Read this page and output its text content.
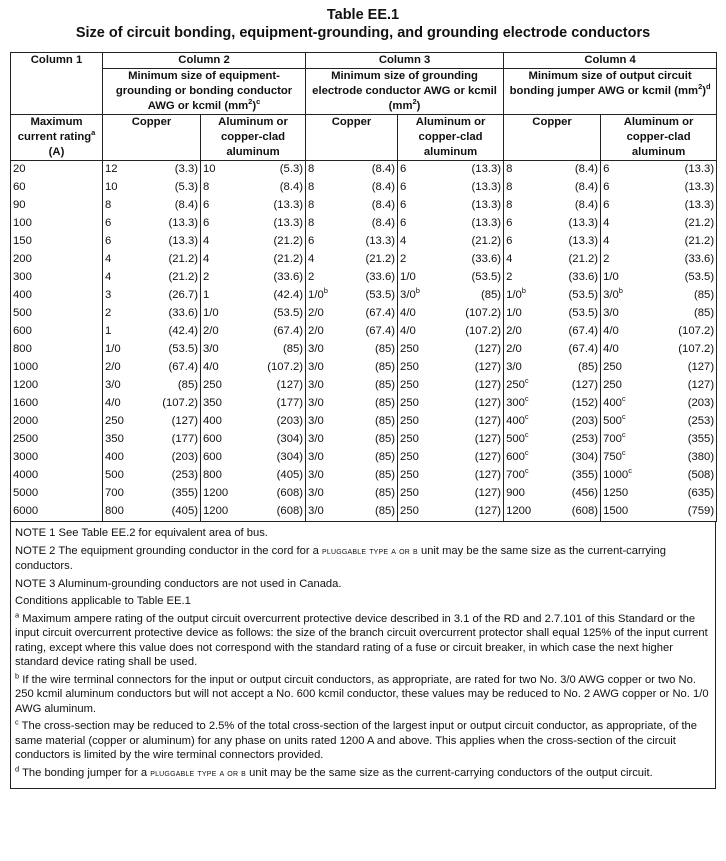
Table EE.1

Size of circuit bonding, equipment-grounding, and grounding electrode conductors

Column 1	Column 2				Column 3				Column 4			
	Minimum size of equipment-grounding or bonding conductor AWG or kcmil $(mm^2)^c$				Minimum size of grounding electrode conductor AWG or kcmil $(mm^2)$				Minimum size of output circuit bonding jumper AWG or kcmil $(mm^2)^d$
Maximum current rating$^a$ (A)	Copper		Aluminum or copper-clad aluminum		Copper		Aluminum or copper-clad aluminum		Copper		Aluminum or copper-clad aluminum	
20	12	(3.3)	10	(5.3)	8	(8.4)	6	(13.3)	8	(8.4)	6	(13.3)
60	10	(5.3)	8	(8.4)	8	(8.4)	6	(13.3)	8	(8.4)	6	(13.3)
90	8	(8.4)	6	(13.3)	8	(8.4)	6	(13.3)	8	(8.4)	6	(13.3)
100	6	(13.3)	6	(13.3)	8	(8.4)	6	(13.3)	6	(13.3)	4	(21.2)
150	6	(13.3)	4	(21.2)	6	(13.3)	4	(21.2)	6	(13.3)	4	(21.2)
200	4	(21.2)	4	(21.2)	4	(21.2)	2	(33.6)	4	(21.2)	2	(33.6)
300	4	(21.2)	2	(33.6)	2	(33.6)	1/0	(53.5)	2	(33.6)	1/0	(53.5)
400	3	(26.7)	1	(42.4)	1/0$^b$	(53.5)	3/0$^b$	(85)	1/0$^b$	(53.5)	3/0$^b$	(85)
500	2	(33.6)	1/0	(53.5)	2/0	(67.4)	4/0	(107.2)	1/0	(53.5)	3/0	(85)
600	1	(42.4)	2/0	(67.4)	2/0	(67.4)	4/0	(107.2)	2/0	(67.4)	4/0	(107.2)
800	1/0	(53.5)	3/0	(85)	3/0	(85)	250	(127)	2/0	(67.4)	4/0	(107.2)
1000	2/0	(67.4)	4/0	(107.2)	3/0	(85)	250	(127)	3/0	(85)	250	(127)
1200	3/0	(85)	250	(127)	3/0	(85)	250	(127)	250$^c$	(127)	250	(127)
1600	4/0	(107.2)	350	(177)	3/0	(85)	250	(127)	300$^c$	(152)	400$^c$	(203)
2000	250	(127)	400	(203)	3/0	(85)	250	(127)	400$^c$	(203)	500$^c$	(253)
2500	350	(177)	600	(304)	3/0	(85)	250	(127)	500$^c$	(253)	700$^c$	(355)
3000	400	(203)	600	(304)	3/0	(85)	250	(127)	600$^c$	(304)	750$^c$	(380)
4000	500	(253)	800	(405)	3/0	(85)	250	(127)	700$^c$	(355)	1000$^c$	(508)
5000	700	(355)	1200	(608)	3/0	(85)	250	(127)	900	(456)	1250	(635)
6000	800	(405)	1200	(608)	3/0	(85)	250	(127)	1200	(608)	1500	(759)

NOTE 1 See Table EE.2 for equivalent area of bus.

NOTE 2 The equipment grounding conductor in the cord for a pluggable type a or b unit may be the same size as the current-carrying conductors.

NOTE 3 Aluminum-grounding conductors are not used in Canada.

Conditions applicable to Table EE.1

$^a$ Maximum ampere rating of the output circuit overcurrent protective device described in 3.1 of the RD and 2.7.101 of this Standard or the input circuit overcurrent protective device as follows: the size of the branch circuit overcurrent protector shall equal 125% of the input current rating, except where this value does not correspond with the standard rating of a fuse or circuit breaker, in which case the next higher standard device rating shall be used.

$^b$ If the wire terminal connectors for the input or output circuit conductors, as appropriate, are rated for two No. 3/0 AWG copper or two No. 250 kcmil aluminum conductors but will not accept a No. 600 kcmil conductor, these values may be reduced to No. 2 AWG copper or No. 1/0 AWG aluminum.

$^c$ The cross-section may be reduced to 2.5% of the total cross-section of the largest input or output circuit conductor, as appropriate, of the same material (copper or aluminum) for any phase on units rated 1200 A and above. This applies when the cross-section of the circuit conductors is limited by the wire terminal connectors provided.

$^d$ The bonding jumper for a pluggable type a or b unit may be the same size as the current-carrying conductors of the output circuit.
